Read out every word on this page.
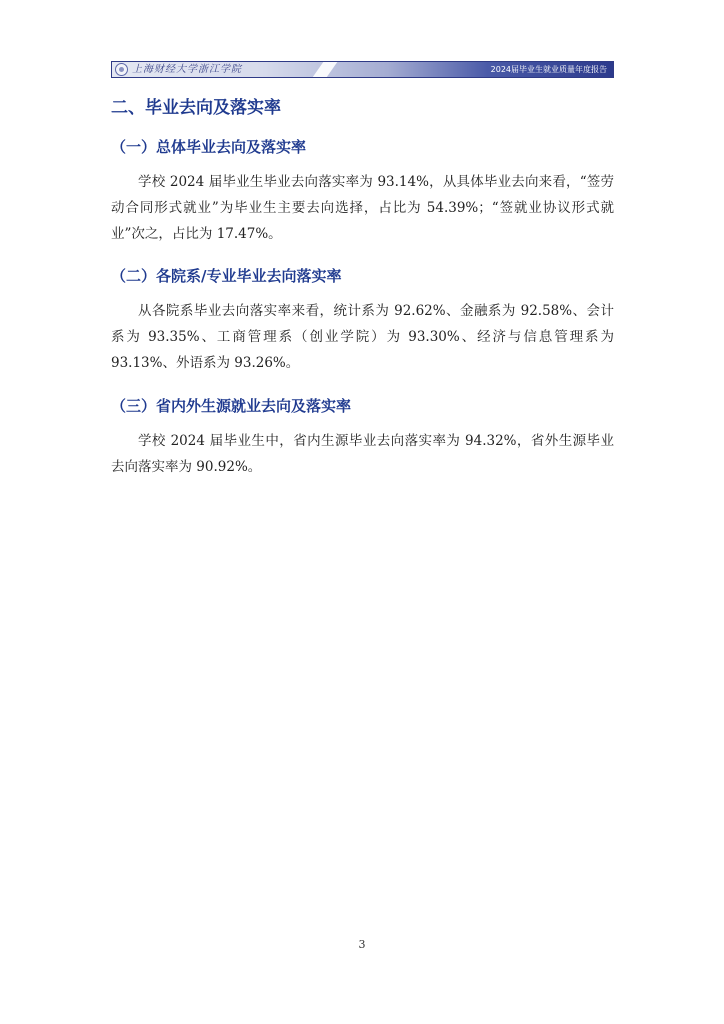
上海财经大学浙江学院	2024届毕业生就业质量年度报告
二、毕业去向及落实率
（一）总体毕业去向及落实率

学校 2024 届毕业生毕业去向落实率为 93.14%，从具体毕业去向来看，“签劳动合同形式就业”为毕业生主要去向选择，占比为 54.39%；“签就业协议形式就业”次之，占比为 17.47%。

（二）各院系/专业毕业去向落实率

从各院系毕业去向落实率来看，统计系为 92.62%、金融系为 92.58%、会计系为 93.35%、工商管理系（创业学院）为 93.30%、经济与信息管理系为 93.13%、外语系为 93.26%。

（三）省内外生源就业去向及落实率

学校 2024 届毕业生中，省内生源毕业去向落实率为 94.32%，省外生源毕业去向落实率为 90.92%。

3
